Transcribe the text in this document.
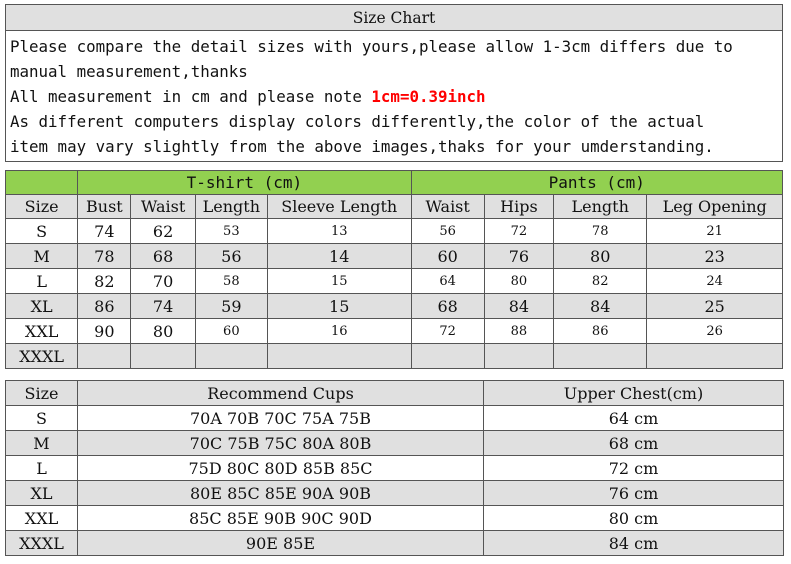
Size Chart

Please compare the detail sizes with yours,please allow 1-3cm differs due to
manual measurement,thanks
All measurement in cm and please note 1cm=0.39inch
As different computers display colors differently,the color of the actual
item may vary slightly from the above images,thaks for your umderstanding.
	T-shirt (cm)				Pants (cm)			
Size	Bust	Waist	Length	Sleeve Length	Waist	Hips	Length	Leg Opening
S	74	62	53	13	56	72	78	21
M	78	68	56	14	60	76	80	23
L	82	70	58	15	64	80	82	24
XL	86	74	59	15	68	84	84	25
XXL	90	80	60	16	72	88	86	26
XXXL								
Size	Recommend Cups	Upper Chest(cm)
S	70A 70B 70C 75A 75B	64 cm
M	70C 75B 75C 80A 80B	68 cm
L	75D 80C 80D 85B 85C	72 cm
XL	80E 85C 85E 90A 90B	76 cm
XXL	85C 85E 90B 90C 90D	80 cm
XXXL	90E 85E	84 cm
